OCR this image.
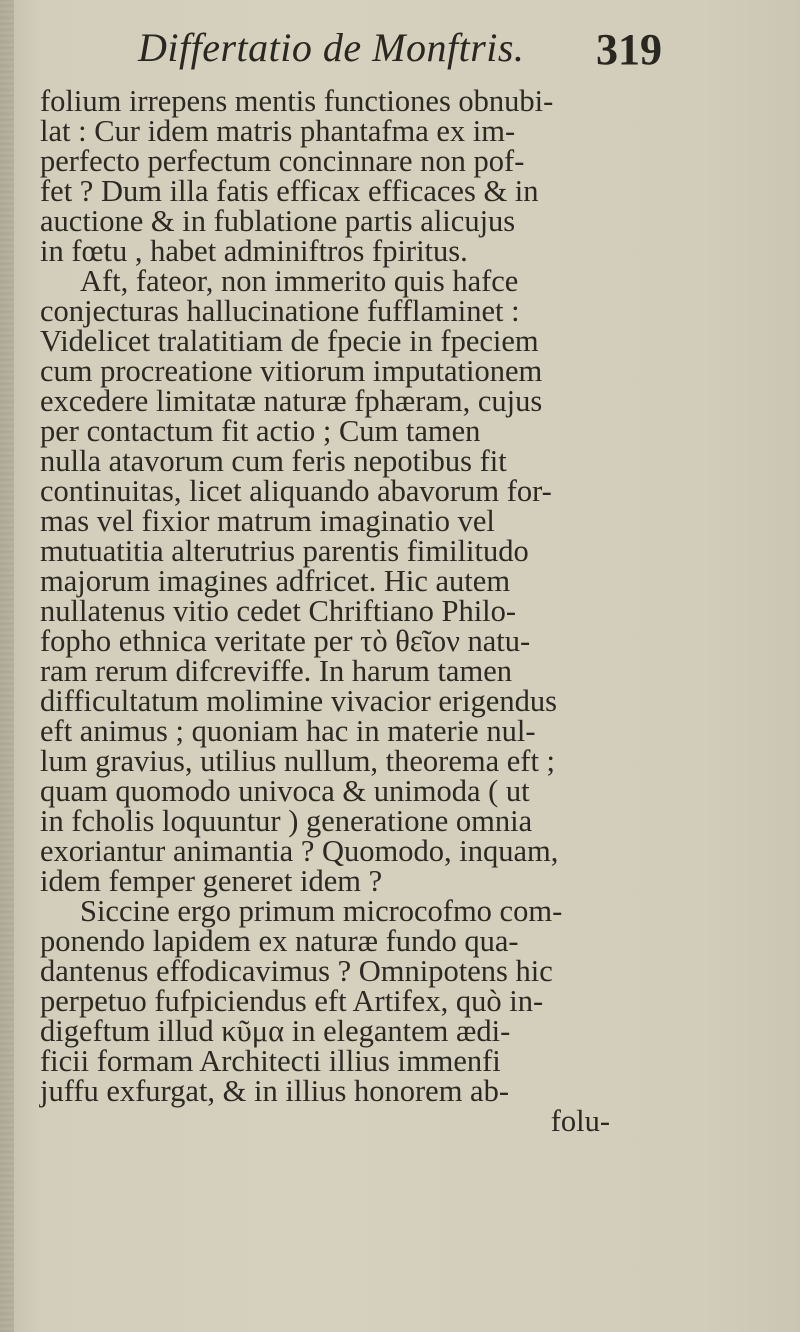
Differtatio de Monftris. 319
folium irrepens mentis functiones obnubi-
lat : Cur idem matris phantafma ex im-
perfecto perfectum concinnare non pof-
fet ? Dum illa fatis efficax efficaces & in
auctione & in fublatione partis alicujus
in fœtu , habet adminiftros fpiritus.
Aft, fateor, non immerito quis hafce
conjecturas hallucinatione fufflaminet :
Videlicet tralatitiam de fpecie in fpeciem
cum procreatione vitiorum imputationem
excedere limitatæ naturæ fphæram, cujus
per contactum fit actio ; Cum tamen
nulla atavorum cum feris nepotibus fit
continuitas, licet aliquando abavorum for-
mas vel fixior matrum imaginatio vel
mutuatitia alterutrius parentis fimilitudo
majorum imagines adfricet. Hic autem
nullatenus vitio cedet Chriftiano Philo-
fopho ethnica veritate per τὸ θεῖον natu-
ram rerum difcreviffe. In harum tamen
difficultatum molimine vivacior erigendus
eft animus ; quoniam hac in materie nul-
lum gravius, utilius nullum, theorema eft ;
quam quomodo univoca & unimoda ( ut
in fcholis loquuntur ) generatione omnia
exoriantur animantia ? Quomodo, inquam,
idem femper generet idem ?
Siccine ergo primum microcofmo com-
ponendo lapidem ex naturæ fundo qua-
dantenus effodicavimus ? Omnipotens hic
perpetuo fufpiciendus eft Artifex, quò in-
digeftum illud κῦμα in elegantem ædi-
ficii formam Architecti illius immenfi
juffu exfurgat, & in illius honorem ab-
folu-
